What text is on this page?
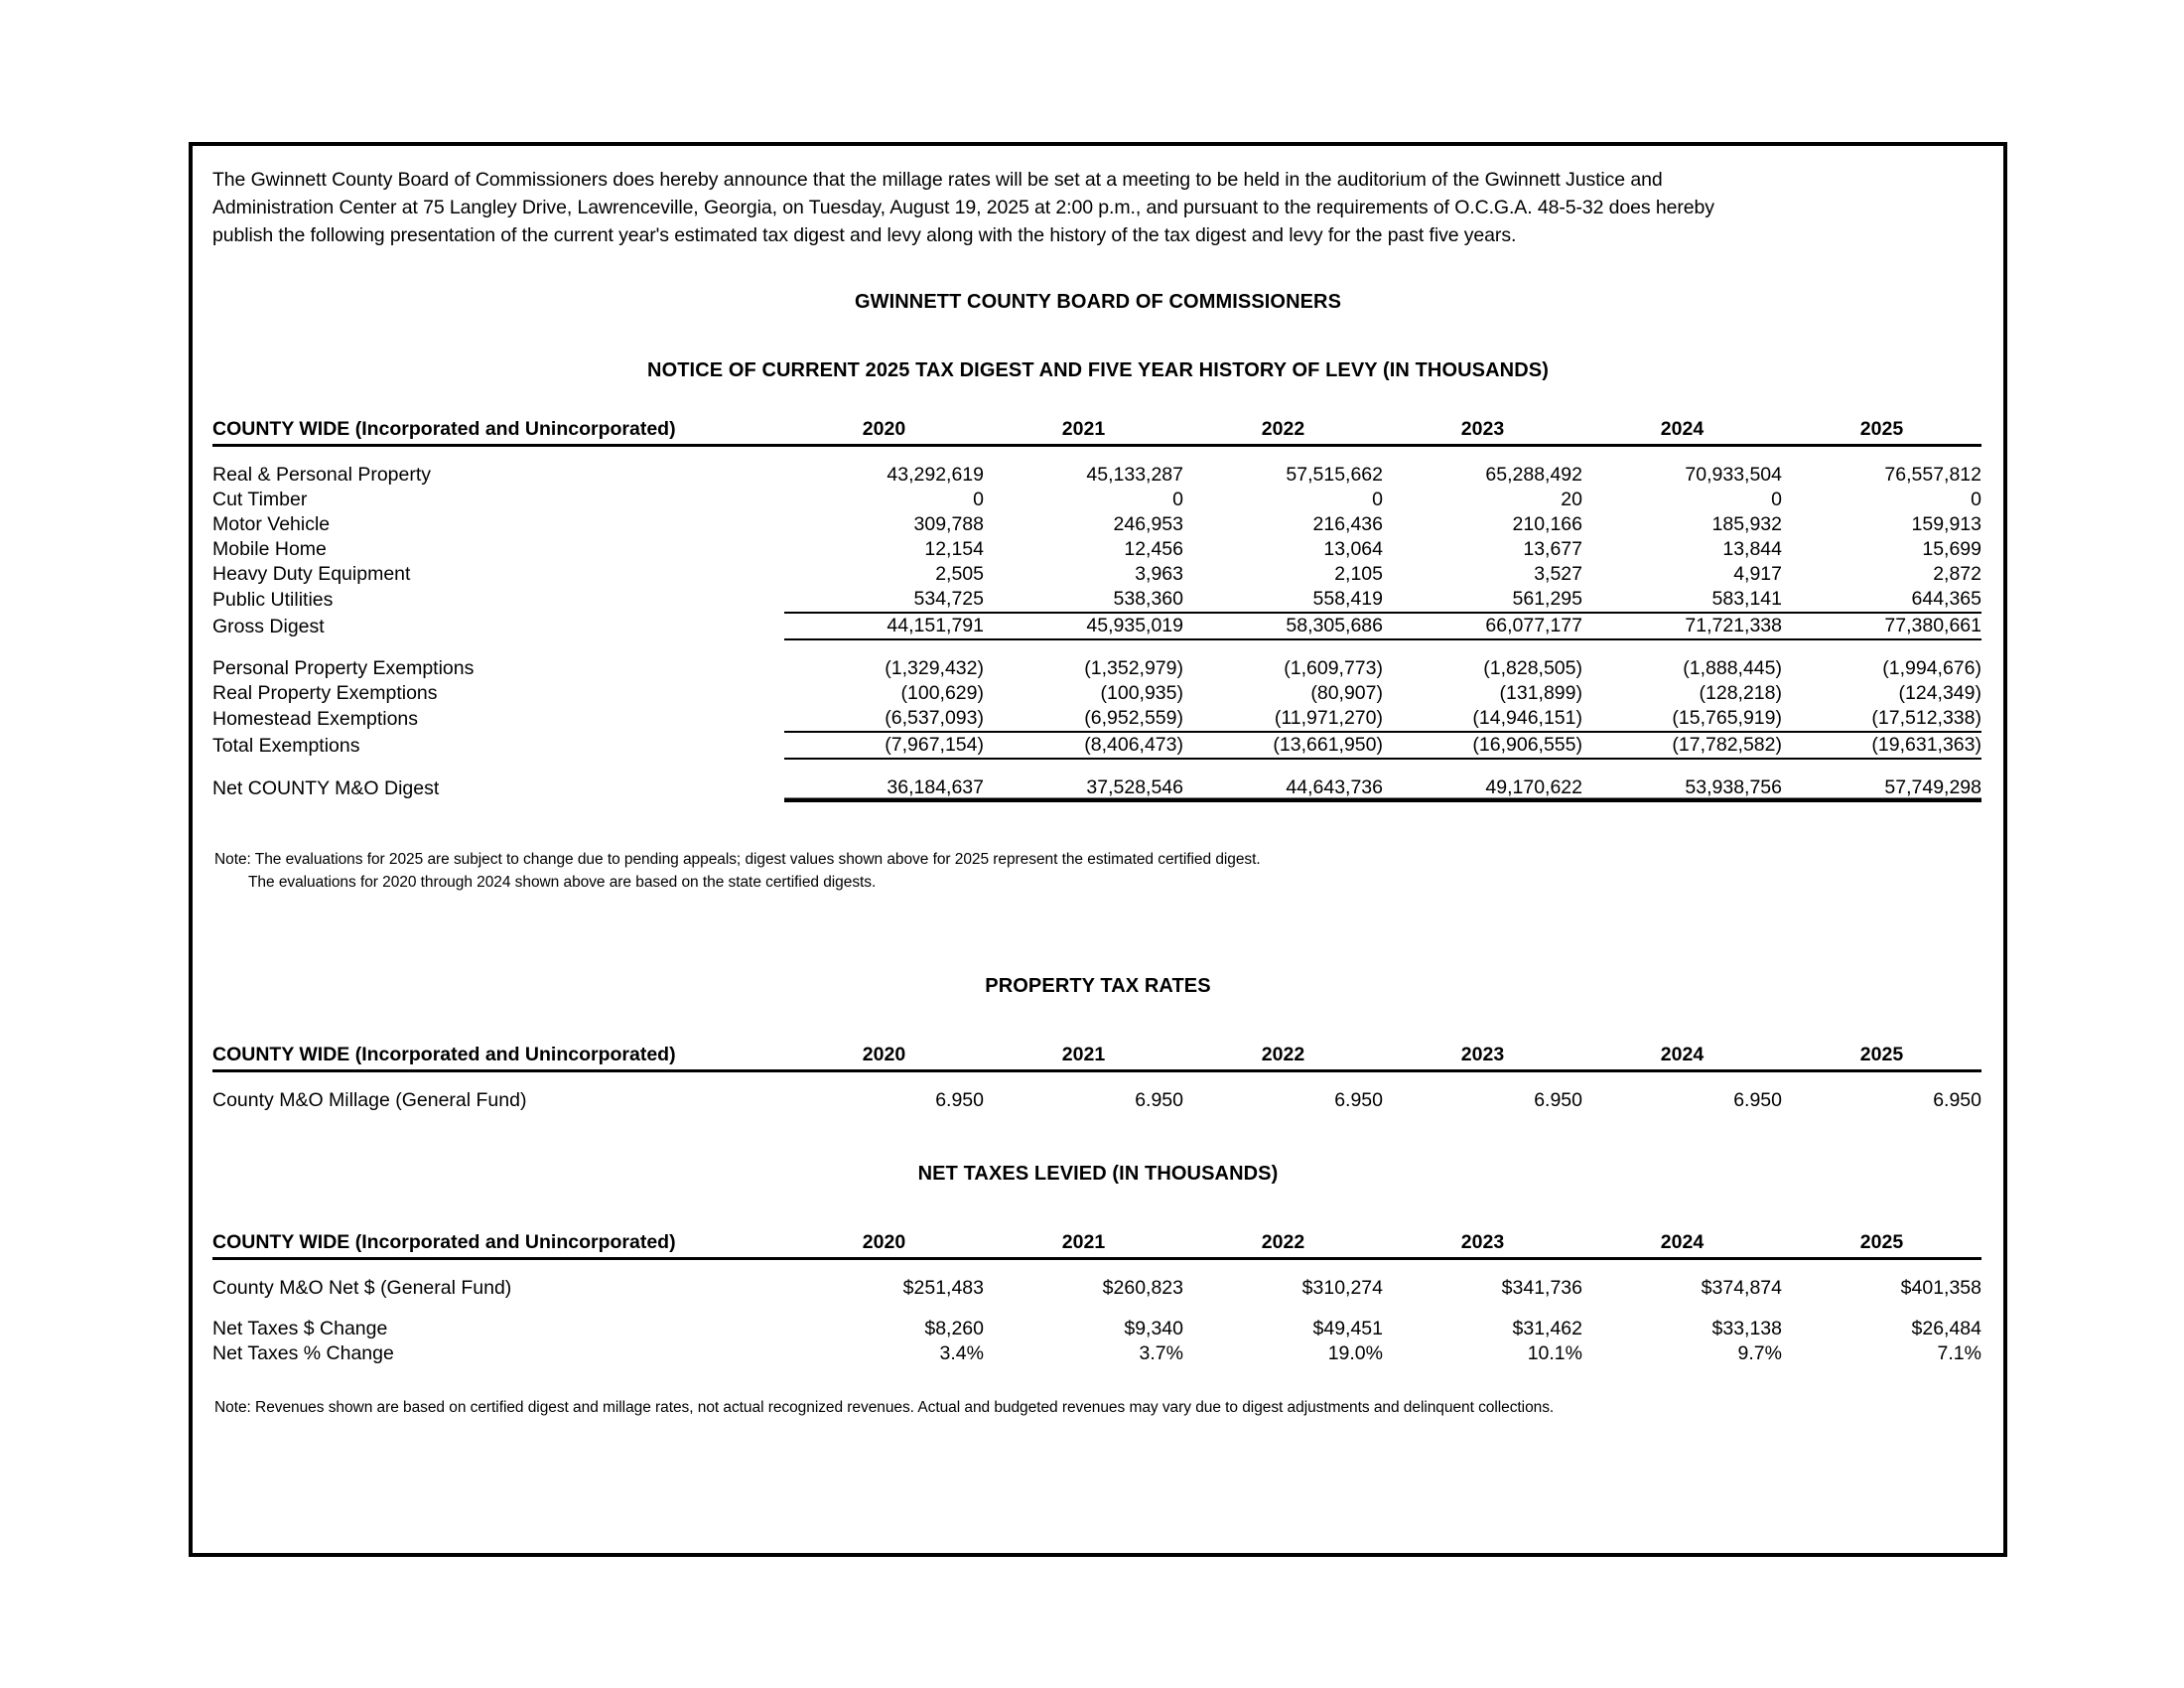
The Gwinnett County Board of Commissioners does hereby announce that the millage rates will be set at a meeting to be held in the auditorium of the Gwinnett Justice and
Administration Center at 75 Langley Drive, Lawrenceville, Georgia, on Tuesday, August 19, 2025 at 2:00 p.m., and pursuant to the requirements of O.C.G.A. 48-5-32 does hereby
publish the following presentation of the current year's estimated tax digest and levy along with the history of the tax digest and levy for the past five years.
GWINNETT COUNTY BOARD OF COMMISSIONERS
NOTICE OF CURRENT 2025 TAX DIGEST AND FIVE YEAR HISTORY OF LEVY (IN THOUSANDS)
COUNTY WIDE (Incorporated and Unincorporated)	2020	2021	2022	2023	2024	2025

Real & Personal Property	43,292,619	45,133,287	57,515,662	65,288,492	70,933,504	76,557,812
Cut Timber	0	0	0	20	0	0
Motor Vehicle	309,788	246,953	216,436	210,166	185,932	159,913
Mobile Home	12,154	12,456	13,064	13,677	13,844	15,699
Heavy Duty Equipment	2,505	3,963	2,105	3,527	4,917	2,872
Public Utilities	534,725	538,360	558,419	561,295	583,141	644,365
Gross Digest	44,151,791	45,935,019	58,305,686	66,077,177	71,721,338	77,380,661

Personal Property Exemptions	(1,329,432)	(1,352,979)	(1,609,773)	(1,828,505)	(1,888,445)	(1,994,676)
Real Property Exemptions	(100,629)	(100,935)	(80,907)	(131,899)	(128,218)	(124,349)
Homestead Exemptions	(6,537,093)	(6,952,559)	(11,971,270)	(14,946,151)	(15,765,919)	(17,512,338)
Total Exemptions	(7,967,154)	(8,406,473)	(13,661,950)	(16,906,555)	(17,782,582)	(19,631,363)

Net COUNTY M&O Digest	36,184,637	37,528,546	44,643,736	49,170,622	53,938,756	57,749,298
Note: The evaluations for 2025 are subject to change due to pending appeals; digest values shown above for 2025 represent the estimated certified digest.
The evaluations for 2020 through 2024 shown above are based on the state certified digests.
PROPERTY TAX RATES
COUNTY WIDE (Incorporated and Unincorporated)	2020	2021	2022	2023	2024	2025

County M&O Millage (General Fund)	6.950	6.950	6.950	6.950	6.950	6.950
NET TAXES LEVIED (IN THOUSANDS)
COUNTY WIDE (Incorporated and Unincorporated)	2020	2021	2022	2023	2024	2025

County M&O Net $ (General Fund)	$251,483	$260,823	$310,274	$341,736	$374,874	$401,358

Net Taxes $ Change	$8,260	$9,340	$49,451	$31,462	$33,138	$26,484
Net Taxes % Change	3.4%	3.7%	19.0%	10.1%	9.7%	7.1%
Note: Revenues shown are based on certified digest and millage rates, not actual recognized revenues. Actual and budgeted revenues may vary due to digest adjustments and delinquent collections.
